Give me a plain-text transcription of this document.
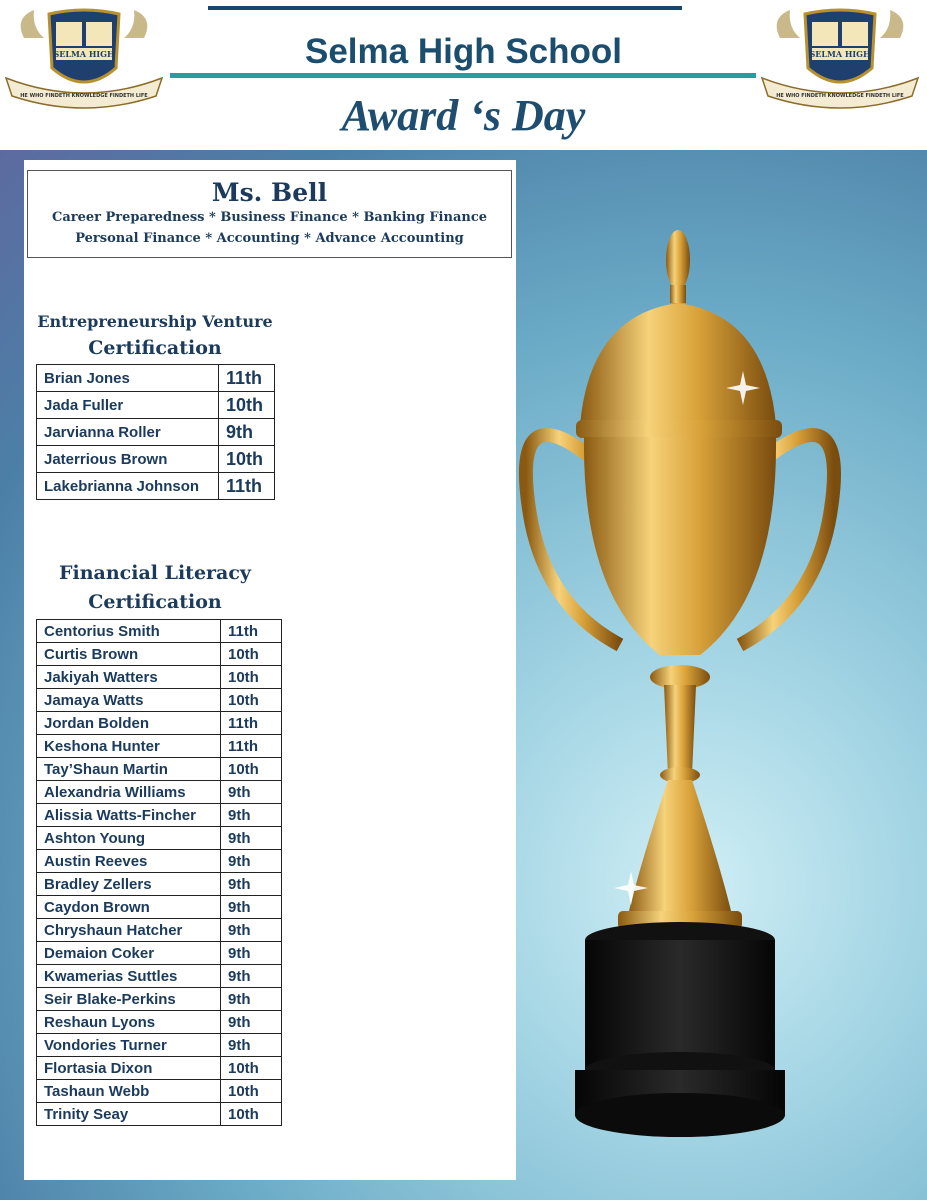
SELMA HIGH
HE WHO FINDETH KNOWLEDGE FINDETH LIFE
Selma High School
Award ‘s Day
SELMA HIGH
HE WHO FINDETH KNOWLEDGE FINDETH LIFE
Ms. Bell
Career Preparedness * Business Finance * Banking Finance
Personal Finance * Accounting * Advance Accounting
Entrepreneurship Venture
Certification
Brian Jones	11th
Jada Fuller	10th
Jarvianna Roller	9th
Jaterrious Brown	10th
Lakebrianna Johnson	11th
Financial Literacy
Certification
Centorius Smith	11th
Curtis Brown	10th
Jakiyah Watters	10th
Jamaya Watts	10th
Jordan Bolden	11th
Keshona Hunter	11th
Tay’Shaun Martin	10th
Alexandria Williams	9th
Alissia Watts-Fincher	9th
Ashton Young	9th
Austin Reeves	9th
Bradley Zellers	9th
Caydon Brown	9th
Chryshaun Hatcher	9th
Demaion Coker	9th
Kwamerias Suttles	9th
Seir Blake-Perkins	9th
Reshaun Lyons	9th
Vondories Turner	9th
Flortasia Dixon	10th
Tashaun Webb	10th
Trinity Seay	10th
